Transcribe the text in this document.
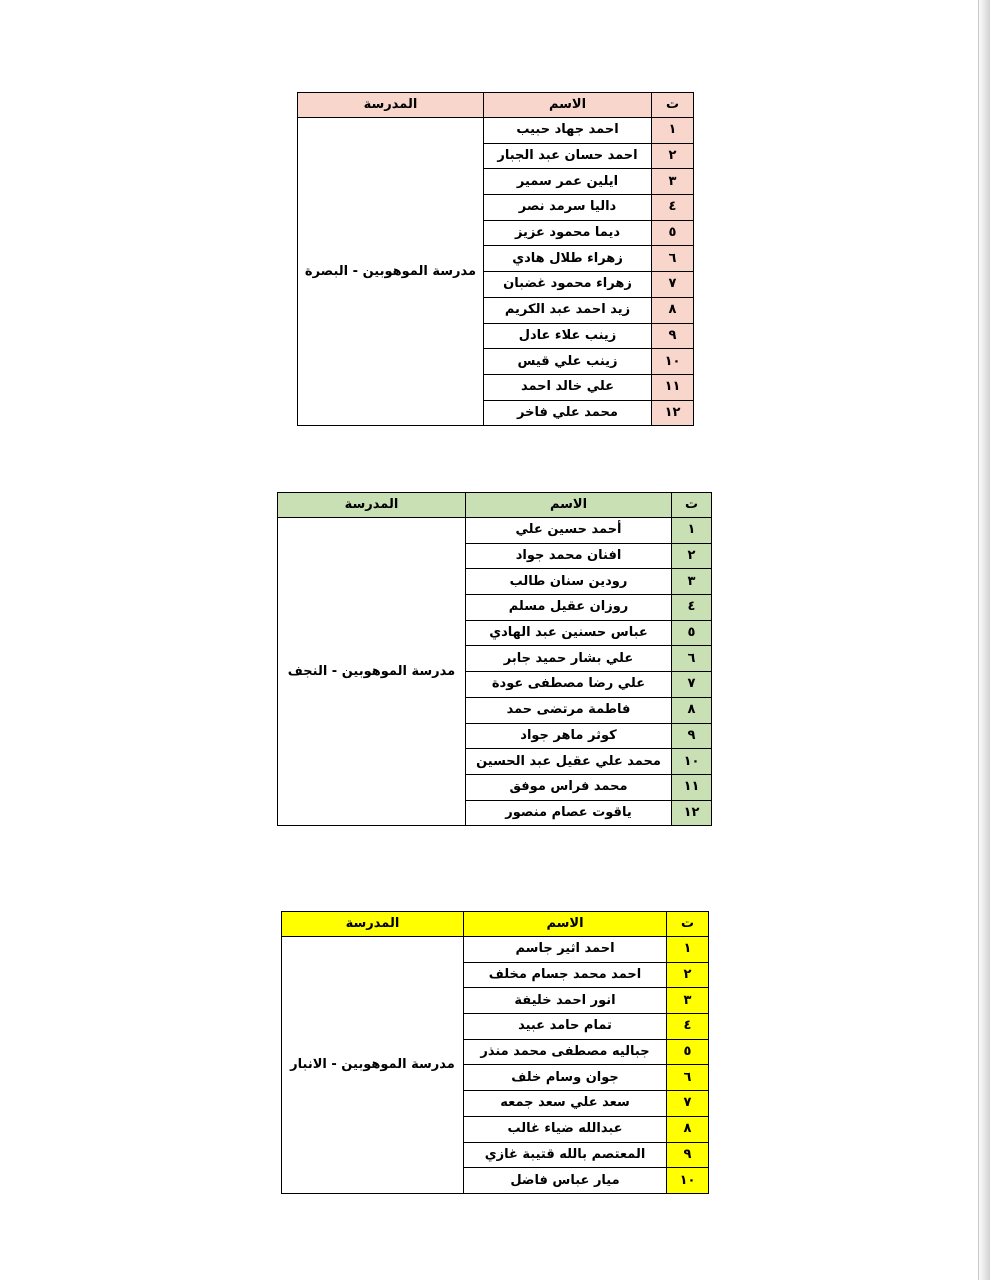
ت	الاسم	المدرسة
١	احمد جهاد حبيب	مدرسة الموهوبين - البصرة
٢	احمد حسان عبد الجبار	
٣	ايلين عمر سمير	
٤	داليا سرمد نصر	
٥	ديما محمود عزيز	
٦	زهراء طلال هادي	
٧	زهراء محمود غضبان	
٨	زيد احمد عبد الكريم	
٩	زينب علاء عادل	
١٠	زينب علي قيس	
١١	علي خالد احمد	
١٢	محمد علي فاخر	
ت	الاسم	المدرسة
١	أحمد حسين علي	مدرسة الموهوبين - النجف
٢	افنان محمد جواد	
٣	رودين سنان طالب	
٤	روزان عقيل مسلم	
٥	عباس حسنين عبد الهادي	
٦	علي بشار حميد جابر	
٧	علي رضا مصطفى عودة	
٨	فاطمة مرتضى حمد	
٩	كوثر ماهر جواد	
١٠	محمد علي عقيل عبد الحسين	
١١	محمد فراس موفق	
١٢	ياقوت عصام منصور	
ت	الاسم	المدرسة
١	احمد اثير جاسم	مدرسة الموهوبين - الانبار
٢	احمد محمد جسام مخلف	
٣	انور احمد خليفة	
٤	تمام حامد عبيد	
٥	جباليه مصطفى محمد منذر	
٦	جوان وسام خلف	
٧	سعد علي سعد جمعه	
٨	عبدالله ضياء غالب	
٩	المعتصم بالله قتيبة غازي	
١٠	ميار عباس فاضل	
